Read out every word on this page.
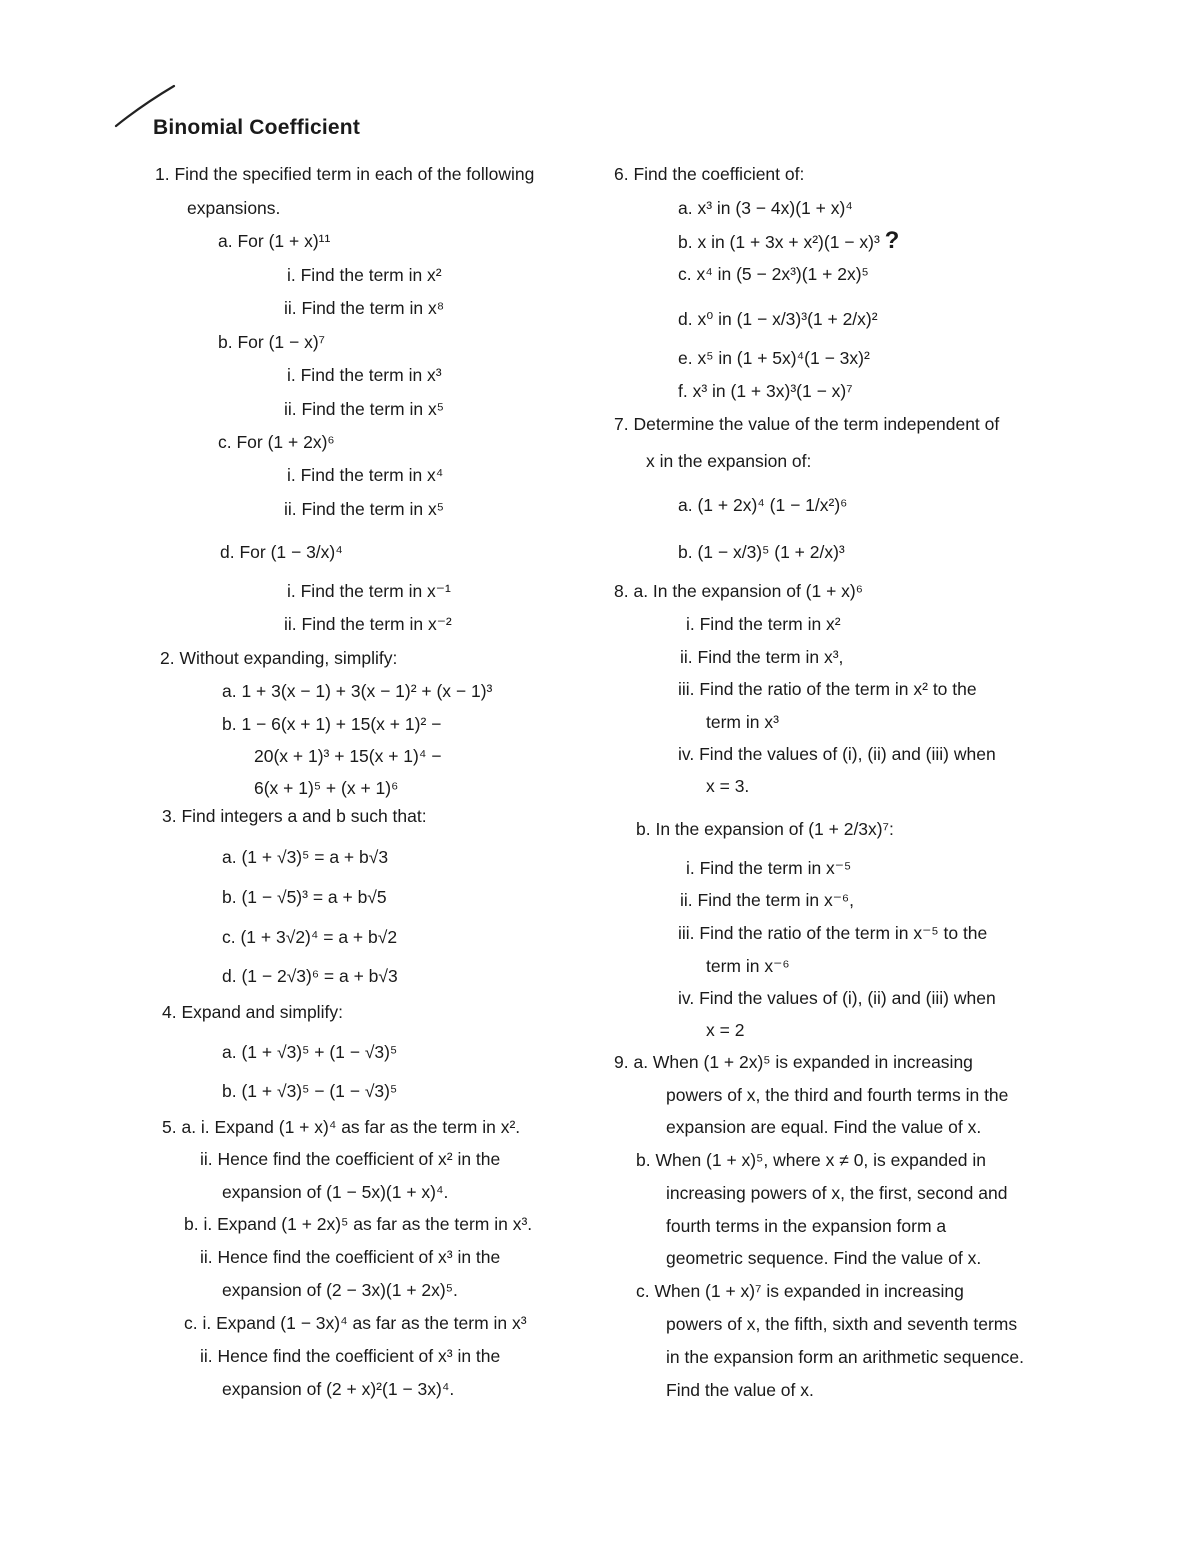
Binomial Coefficient
1. Find the specified term in each of the following
expansions.
a. For (1 + x)¹¹
i. Find the term in x²
ii. Find the term in x⁸
b. For (1 − x)⁷
i. Find the term in x³
ii. Find the term in x⁵
c. For (1 + 2x)⁶
i. Find the term in x⁴
ii. Find the term in x⁵
d. For (1 − 3/x)⁴
i. Find the term in x⁻¹
ii. Find the term in x⁻²
2. Without expanding, simplify:
a. 1 + 3(x − 1) + 3(x − 1)² + (x − 1)³
b. 1 − 6(x + 1) + 15(x + 1)² −
20(x + 1)³ + 15(x + 1)⁴ −
6(x + 1)⁵ + (x + 1)⁶
3. Find integers a and b such that:
a. (1 + √3)⁵ = a + b√3
b. (1 − √5)³ = a + b√5
c. (1 + 3√2)⁴ = a + b√2
d. (1 − 2√3)⁶ = a + b√3
4. Expand and simplify:
a. (1 + √3)⁵ + (1 − √3)⁵
b. (1 + √3)⁵ − (1 − √3)⁵
5. a. i. Expand (1 + x)⁴ as far as the term in x².
ii. Hence find the coefficient of x² in the
expansion of (1 − 5x)(1 + x)⁴.
b. i. Expand (1 + 2x)⁵ as far as the term in x³.
ii. Hence find the coefficient of x³ in the
expansion of (2 − 3x)(1 + 2x)⁵.
c. i. Expand (1 − 3x)⁴ as far as the term in x³
ii. Hence find the coefficient of x³ in the
expansion of (2 + x)²(1 − 3x)⁴.
6. Find the coefficient of:
a. x³ in (3 − 4x)(1 + x)⁴
b. x in (1 + 3x + x²)(1 − x)³ ?
c. x⁴ in (5 − 2x³)(1 + 2x)⁵
d. x⁰ in (1 − x/3)³(1 + 2/x)²
e. x⁵ in (1 + 5x)⁴(1 − 3x)²
f. x³ in (1 + 3x)³(1 − x)⁷
7. Determine the value of the term independent of
x in the expansion of:
a. (1 + 2x)⁴ (1 − 1/x²)⁶
b. (1 − x/3)⁵ (1 + 2/x)³
8. a. In the expansion of (1 + x)⁶
i. Find the term in x²
ii. Find the term in x³,
iii. Find the ratio of the term in x² to the
term in x³
iv. Find the values of (i), (ii) and (iii) when
x = 3.
b. In the expansion of (1 + 2/3x)⁷:
i. Find the term in x⁻⁵
ii. Find the term in x⁻⁶,
iii. Find the ratio of the term in x⁻⁵ to the
term in x⁻⁶
iv. Find the values of (i), (ii) and (iii) when
x = 2
9. a. When (1 + 2x)⁵ is expanded in increasing
powers of x, the third and fourth terms in the
expansion are equal. Find the value of x.
b. When (1 + x)⁵, where x ≠ 0, is expanded in
increasing powers of x, the first, second and
fourth terms in the expansion form a
geometric sequence. Find the value of x.
c. When (1 + x)⁷ is expanded in increasing
powers of x, the fifth, sixth and seventh terms
in the expansion form an arithmetic sequence.
Find the value of x.
